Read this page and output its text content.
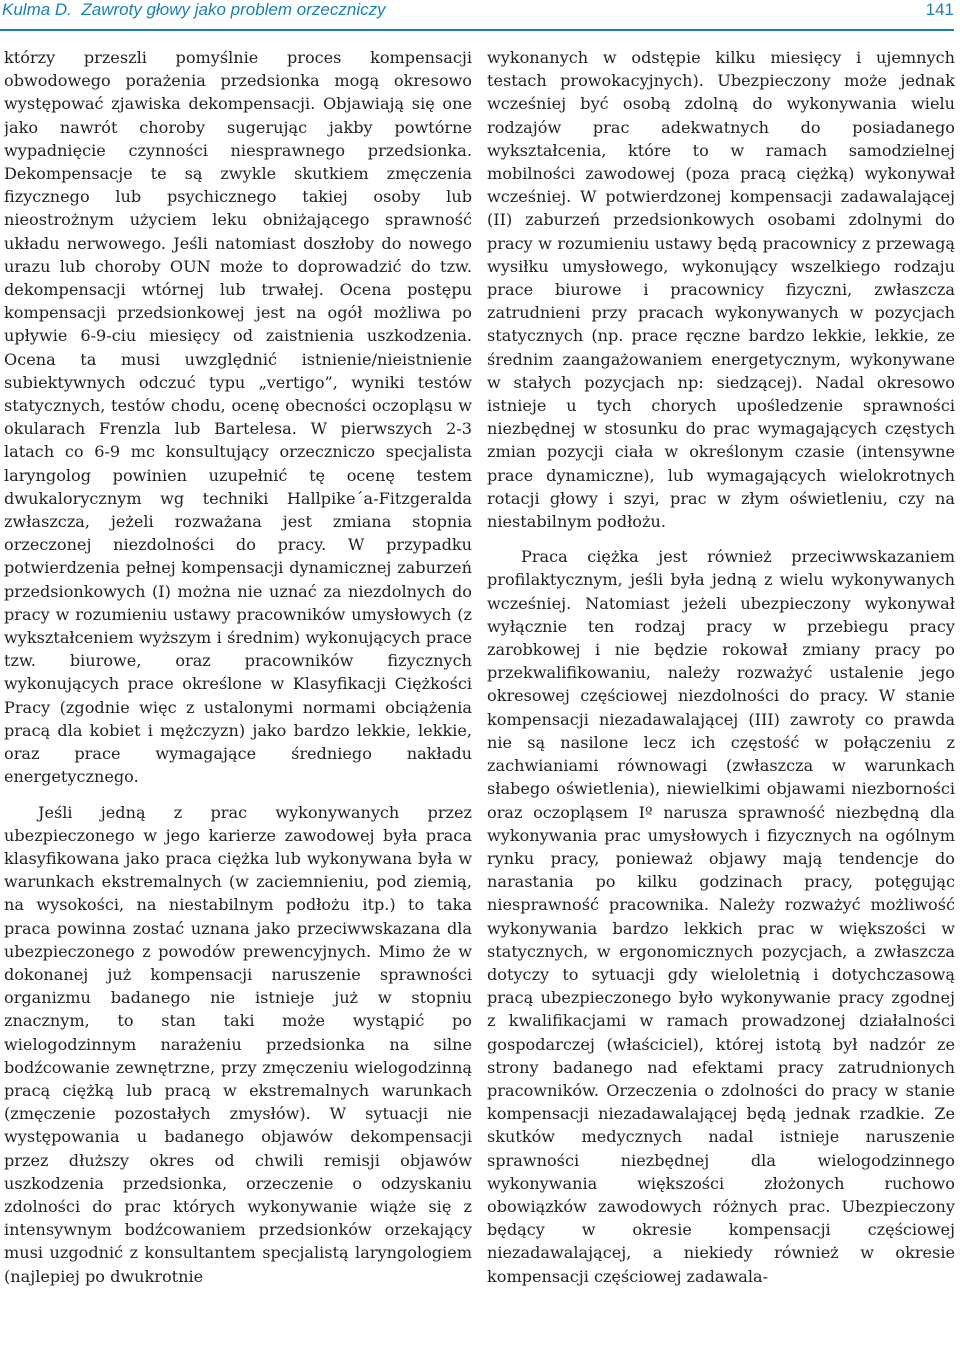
Kulma D. Zawroty głowy jako problem orzeczniczy	141

którzy przeszli pomyślnie proces kompensacji obwodowego porażenia przedsionka mogą okresowo występować zjawiska dekompensacji. Objawiają się one jako nawrót choroby sugerując jakby powtórne wypadnięcie czynności niesprawnego przedsionka. Dekompensacje te są zwykle skutkiem zmęczenia fizycznego lub psychicznego takiej osoby lub nieostrożnym użyciem leku obniżającego sprawność układu nerwowego. Jeśli natomiast doszłoby do nowego urazu lub choroby OUN może to doprowadzić do tzw. dekompensacji wtórnej lub trwałej. Ocena postępu kompensacji przedsionkowej jest na ogół możliwa po upływie 6-9-ciu miesięcy od zaistnienia uszkodzenia. Ocena ta musi uwzględnić istnienie/nieistnienie subiektywnych odczuć typu „vertigo”, wyniki testów statycznych, testów chodu, ocenę obecności oczopląsu w okularach Frenzla lub Bartelesa. W pierwszych 2-3 latach co 6-9 mc konsultujący orzeczniczo specjalista laryngolog powinien uzupełnić tę ocenę testem dwukalorycznym wg techniki Hallpike´a-Fitzgeralda zwłaszcza, jeżeli rozważana jest zmiana stopnia orzeczonej niezdolności do pracy. W przypadku potwierdzenia pełnej kompensacji dynamicznej zaburzeń przedsionkowych (I) można nie uznać za niezdolnych do pracy w rozumieniu ustawy pracowników umysłowych (z wykształceniem wyższym i średnim) wykonujących prace tzw. biurowe, oraz pracowników fizycznych wykonujących prace określone w Klasyfikacji Ciężkości Pracy (zgodnie więc z ustalonymi normami obciążenia pracą dla kobiet i mężczyzn) jako bardzo lekkie, lekkie, oraz prace wymagające średniego nakładu energetycznego.

Jeśli jedną z prac wykonywanych przez ubezpieczonego w jego karierze zawodowej była praca klasyfikowana jako praca ciężka lub wykonywana była w warunkach ekstremalnych (w zaciemnieniu, pod ziemią, na wysokości, na niestabilnym podłożu itp.) to taka praca powinna zostać uznana jako przeciwwskazana dla ubezpieczonego z powodów prewencyjnych. Mimo że w dokonanej już kompensacji naruszenie sprawności organizmu badanego nie istnieje już w stopniu znacznym, to stan taki może wystąpić po wielogodzinnym narażeniu przedsionka na silne bodźcowanie zewnętrzne, przy zmęczeniu wielogodzinną pracą ciężką lub pracą w ekstremalnych warunkach (zmęczenie pozostałych zmysłów). W sytuacji nie występowania u badanego objawów dekompensacji przez dłuższy okres od chwili remisji objawów uszkodzenia przedsionka, orzeczenie o odzyskaniu zdolności do prac których wykonywanie wiąże się z intensywnym bodźcowaniem przedsionków orzekający musi uzgodnić z konsultantem specjalistą laryngologiem (najlepiej po dwukrotnie

wykonanych w odstępie kilku miesięcy i ujemnych testach prowokacyjnych). Ubezpieczony może jednak wcześniej być osobą zdolną do wykonywania wielu rodzajów prac adekwatnych do posiadanego wykształcenia, które to w ramach samodzielnej mobilności zawodowej (poza pracą ciężką) wykonywał wcześniej. W potwierdzonej kompensacji zadawalającej (II) zaburzeń przedsionkowych osobami zdolnymi do pracy w rozumieniu ustawy będą pracownicy z przewagą wysiłku umysłowego, wykonujący wszelkiego rodzaju prace biurowe i pracownicy fizyczni, zwłaszcza zatrudnieni przy pracach wykonywanych w pozycjach statycznych (np. prace ręczne bardzo lekkie, lekkie, ze średnim zaangażowaniem energetycznym, wykonywane w stałych pozycjach np: siedzącej). Nadal okresowo istnieje u tych chorych upośledzenie sprawności niezbędnej w stosunku do prac wymagających częstych zmian pozycji ciała w określonym czasie (intensywne prace dynamiczne), lub wymagających wielokrotnych rotacji głowy i szyi, prac w złym oświetleniu, czy na niestabilnym podłożu.

Praca ciężka jest również przeciwwskazaniem profilaktycznym, jeśli była jedną z wielu wykonywanych wcześniej. Natomiast jeżeli ubezpieczony wykonywał wyłącznie ten rodzaj pracy w przebiegu pracy zarobkowej i nie będzie rokował zmiany pracy po przekwalifikowaniu, należy rozważyć ustalenie jego okresowej częściowej niezdolności do pracy. W stanie kompensacji niezadawalającej (III) zawroty co prawda nie są nasilone lecz ich częstość w połączeniu z zachwianiami równowagi (zwłaszcza w warunkach słabego oświetlenia), niewielkimi objawami niezborności oraz oczopląsem Iº narusza sprawność niezbędną dla wykonywania prac umysłowych i fizycznych na ogólnym rynku pracy, ponieważ objawy mają tendencje do narastania po kilku godzinach pracy, potęgując niesprawność pracownika. Należy rozważyć możliwość wykonywania bardzo lekkich prac w większości w statycznych, w ergonomicznych pozycjach, a zwłaszcza dotyczy to sytuacji gdy wieloletnią i dotychczasową pracą ubezpieczonego było wykonywanie pracy zgodnej z kwalifikacjami w ramach prowadzonej działalności gospodarczej (właściciel), której istotą był nadzór ze strony badanego nad efektami pracy zatrudnionych pracowników. Orzeczenia o zdolności do pracy w stanie kompensacji niezadawalającej będą jednak rzadkie. Ze skutków medycznych nadal istnieje naruszenie sprawności niezbędnej dla wielogodzinnego wykonywania większości złożonych ruchowo obowiązków zawodowych różnych prac. Ubezpieczony będący w okresie kompensacji częściowej niezadawalającej, a niekiedy również w okresie kompensacji częściowej zadawala-
